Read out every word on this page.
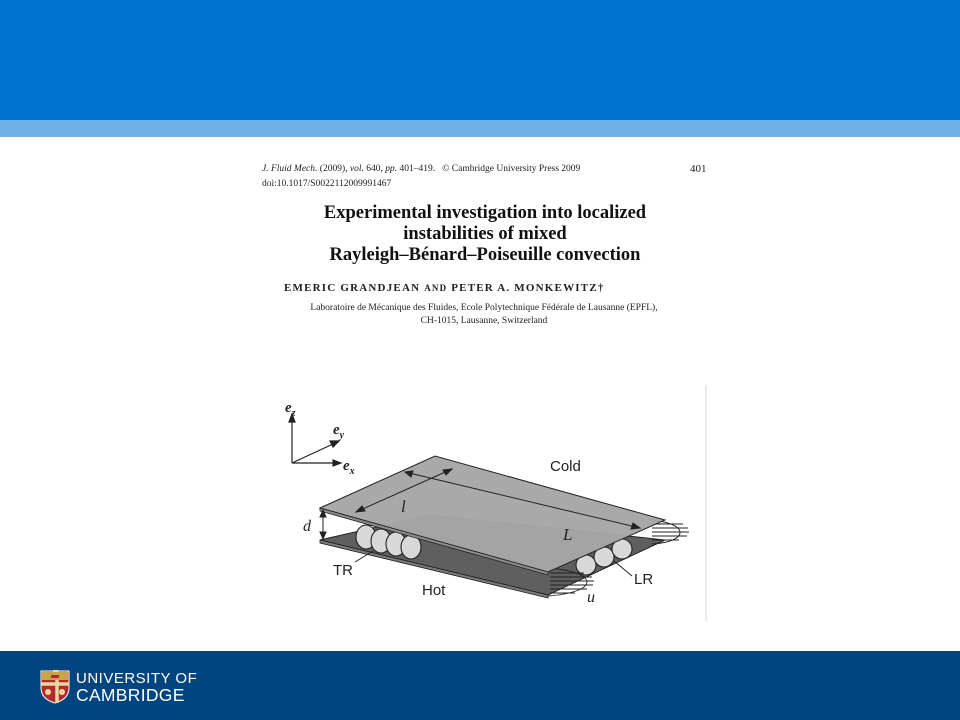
J. Fluid Mech. (2009), vol. 640, pp. 401–419. © Cambridge University Press 2009
doi:10.1017/S0022112009991467
401
Experimental investigation into localized
instabilities of mixed
Rayleigh–Bénard–Poiseuille convection
EMERIC GRANDJEAN AND PETER A. MONKEWITZ†
Laboratoire de Mécanique des Fluides, Ecole Polytechnique Fédérale de Lausanne (EPFL),
CH-1015, Lausanne, Switzerland
$e_z$
$e_y$
$e_x$	Cold
Hot
l
L
d
TR
LR
u
UNIVERSITY OF
CAMBRIDGE
